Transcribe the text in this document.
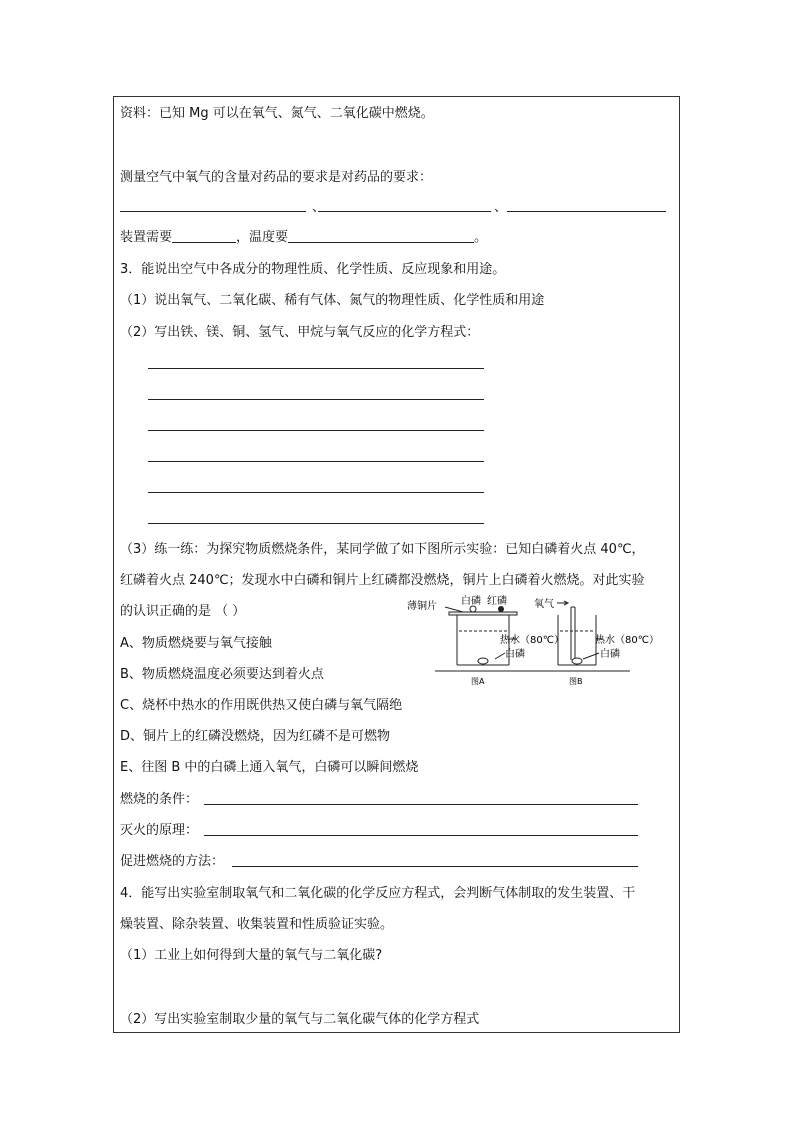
资料：已知 Mg 可以在氧气、氮气、二氧化碳中燃烧。
测量空气中氧气的含量对药品的要求是对药品的要求：
、	、
装置需要	，温度要	。
3．能说出空气中各成分的物理性质、化学性质、反应现象和用途。
（1）说出氧气、二氧化碳、稀有气体、氮气的物理性质、化学性质和用途
（2）写出铁、镁、铜、氢气、甲烷与氧气反应的化学方程式：
（3）练一练：为探究物质燃烧条件，某同学做了如下图所示实验：已知白磷着火点 40℃，
红磷着火点 240℃；发现水中白磷和铜片上红磷都没燃烧，铜片上白磷着火燃烧。对此实验
的认识正确的是 （ ）
A、物质燃烧要与氧气接触
B、物质燃烧温度必须要达到着火点
C、烧杯中热水的作用既供热又使白磷与氧气隔绝
D、铜片上的红磷没燃烧，因为红磷不是可燃物
E、往图 B 中的白磷上通入氧气，白磷可以瞬间燃烧
燃烧的条件：
灭火的原理：
促进燃烧的方法：
4．能写出实验室制取氧气和二氧化碳的化学反应方程式，会判断气体制取的发生装置、干
燥装置、除杂装置、收集装置和性质验证实验。
（1）工业上如何得到大量的氧气与二氧化碳?
（2）写出实验室制取少量的氧气与二氧化碳气体的化学方程式
薄铜片 白磷 红磷	氧气
热水（80℃）
白磷
热水（80℃）
白磷
图A	图B
